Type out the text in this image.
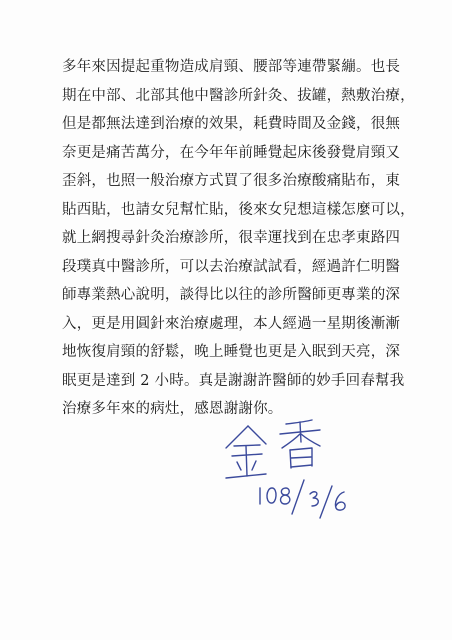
多年來因提起重物造成肩頸、腰部等連帶緊繃。也長
期在中部、北部其他中醫診所針灸、拔罐，熱敷治療，
但是都無法達到治療的效果，耗費時間及金錢，很無
奈更是痛苦萬分，在今年年前睡覺起床後發覺肩頸又
歪斜，也照一般治療方式買了很多治療酸痛貼布，東
貼西貼，也請女兒幫忙貼，後來女兒想這樣怎麼可以，
就上網搜尋針灸治療診所，很幸運找到在忠孝東路四
段璞真中醫診所，可以去治療試試看，經過許仁明醫
師專業熱心說明，談得比以往的診所醫師更專業的深
入，更是用圓針來治療處理，本人經過一星期後漸漸
地恢復肩頸的舒鬆，晚上睡覺也更是入眠到天亮，深
眠更是達到 2 小時。真是謝謝許醫師的妙手回春幫我
治療多年來的病灶，感恩謝謝你。
